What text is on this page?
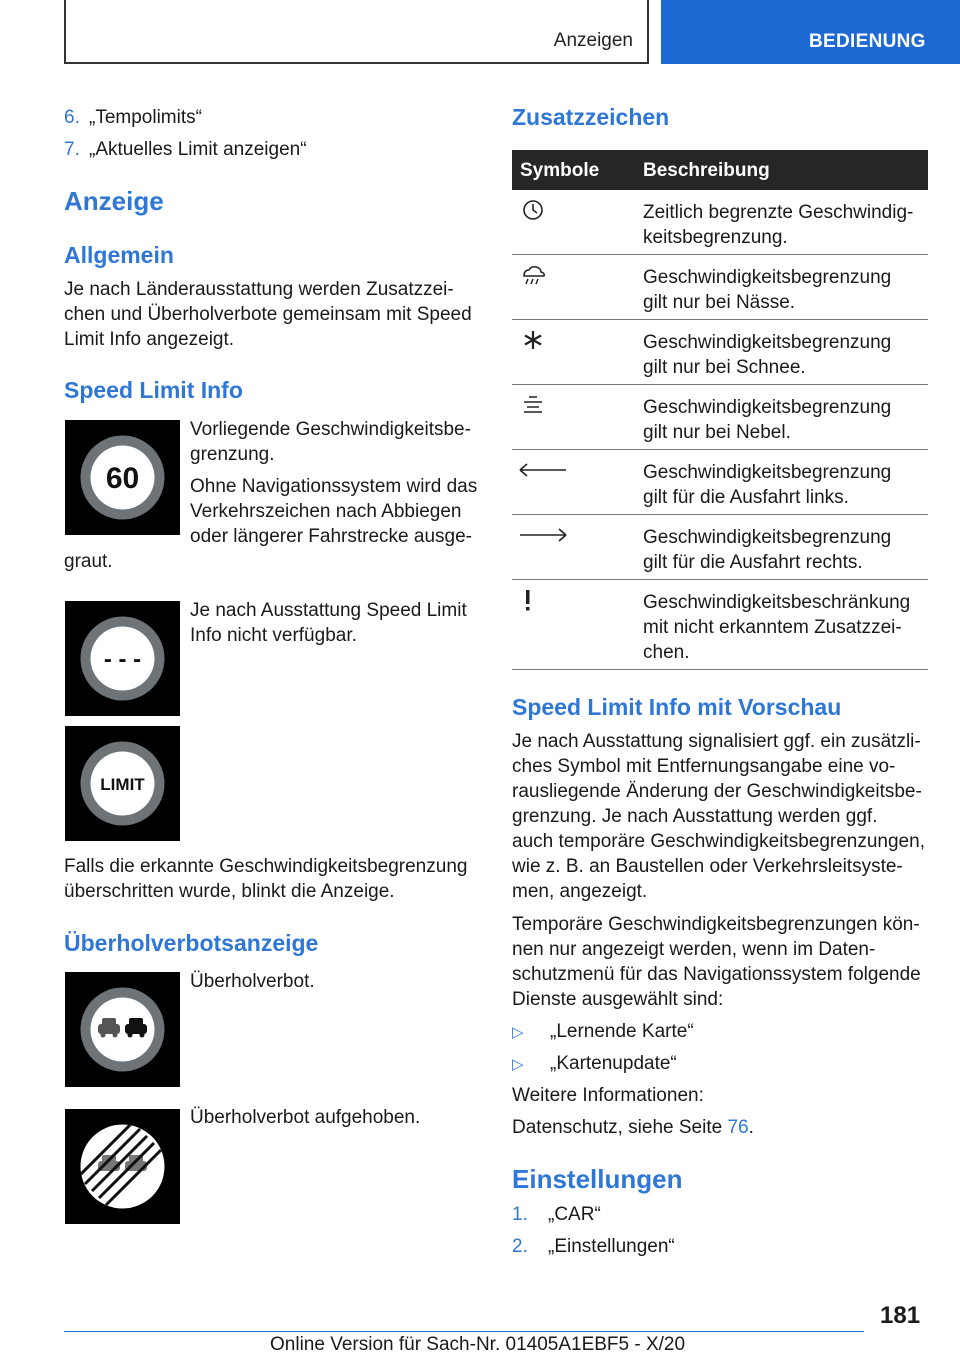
Anzeigen	BEDIENUNG
6. „Tempolimits“
7. „Aktuelles Limit anzeigen“
Anzeige
Allgemein
Je nach Länderausstattung werden Zusatzzei-
chen und Überholverbote gemeinsam mit Speed
Limit Info angezeigt.
Speed Limit Info
60
Vorliegende Geschwindigkeitsbe-
grenzung.
Ohne Navigationssystem wird das
Verkehrszeichen nach Abbiegen
oder längerer Fahrstrecke ausge-
graut.
- - -
Je nach Ausstattung Speed Limit
Info nicht verfügbar.
LIMIT
Falls die erkannte Geschwindigkeitsbegrenzung
überschritten wurde, blinkt die Anzeige.
Überholverbotsanzeige
Überholverbot.
Überholverbot aufgehoben.
Zusatzzeichen
Symbole Beschreibung
Zeitlich begrenzte Geschwindig-
keitsbegrenzung.
Geschwindigkeitsbegrenzung
gilt nur bei Nässe.
Geschwindigkeitsbegrenzung
gilt nur bei Schnee.
Geschwindigkeitsbegrenzung
gilt nur bei Nebel.
Geschwindigkeitsbegrenzung
gilt für die Ausfahrt links.
Geschwindigkeitsbegrenzung
gilt für die Ausfahrt rechts.
Geschwindigkeitsbeschränkung
mit nicht erkanntem Zusatzzei-
chen.
Speed Limit Info mit Vorschau
Je nach Ausstattung signalisiert ggf. ein zusätzli-
ches Symbol mit Entfernungsangabe eine vo-
rausliegende Änderung der Geschwindigkeitsbe-
grenzung. Je nach Ausstattung werden ggf.
auch temporäre Geschwindigkeitsbegrenzungen,
wie z. B. an Baustellen oder Verkehrsleitsyste-
men, angezeigt.
Temporäre Geschwindigkeitsbegrenzungen kön-
nen nur angezeigt werden, wenn im Daten-
schutzmenü für das Navigationssystem folgende
Dienste ausgewählt sind:
▷ „Lernende Karte“
▷ „Kartenupdate“
Weitere Informationen:
Datenschutz, siehe Seite 76.
Einstellungen
1. „CAR“
2. „Einstellungen“
181
Online Version für Sach-Nr. 01405A1EBF5 - X/20
